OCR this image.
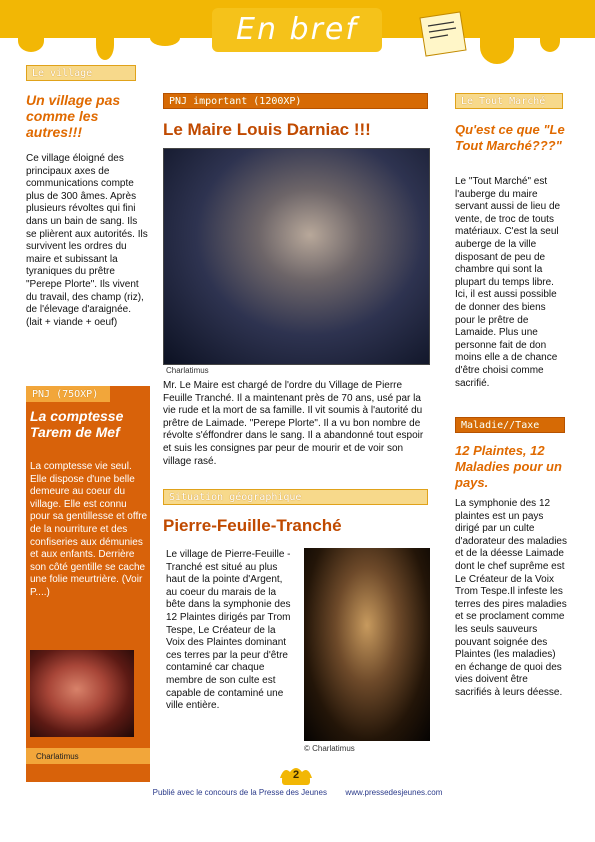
En bref
Le village
Un village pas comme les autres!!!
Ce village éloigné des principaux axes de communications compte plus de 300 âmes. Après plusieurs révoltes qui fini dans un bain de sang. Ils se plièrent aux autorités. Ils survivent les ordres du maire et subissant la tyraniques du prêtre "Perepe Plorte". Ils vivent du travail, des champ (riz), de l'élevage d'araignée. (lait + viande + oeuf)
PNJ (75OXP)
La comptesse Tarem de Mef
La comptesse vie seul. Elle dispose d'une belle demeure au coeur du village. Elle est connu pour sa gentillesse et offre de la nourriture et des confiseries aux démunies et aux enfants. Derrière son côté gentille se cache une folie meurtrière. (Voir P....)
Charlatimus
PNJ important (1200XP)
Le Maire Louis Darniac !!!
Charlatimus
Mr. Le Maire est chargé de l'ordre du Village de Pierre Feuille Tranché. Il a maintenant près de 70 ans, usé par la vie rude et la mort de sa famille. Il vit soumis à l'autorité du prêtre de Laimade. "Perepe Plorte". Il a vu bon nombre de révolte s'éffondrer dans le sang. Il a abandonné tout espoir et suis les consignes par peur de mourir et de voir son village rasé.
Situation géographique
Pierre-Feuille-Tranché
Le village de Pierre-Feuille -Tranché est situé au plus haut de la pointe d'Argent, au coeur du marais de la bête dans la symphonie des 12 Plaintes dirigés par Trom Tespe, Le Créateur de la Voix des Plaintes dominant ces terres par la peur d'être contaminé car chaque membre de son culte est capable de contaminé une ville entière.
© Charlatimus
Le Tout Marché
Qu'est ce que "Le Tout Marché???"
Le "Tout Marché" est l'auberge du maire servant aussi de lieu de vente, de troc de touts matériaux. C'est la seul auberge de la ville disposant de peu de chambre qui sont la plupart du temps libre. Ici, il est aussi possible de donner des biens pour le prêtre de Lamaide. Plus une personne fait de don moins elle a de chance d'être choisi comme sacrifié.
Maladie//Taxe
12 Plaintes, 12 Maladies pour un pays.
La symphonie des 12 plaintes est un pays dirigé par un culte d'adorateur des maladies et de la déesse Laimade dont le chef suprême est Le Créateur de la Voix Trom Tespe.Il infeste les terres des pires maladies et se proclament comme les seuls sauveurs pouvant soignée des Plaintes (les maladies) en échange de quoi des vies doivent être sacrifiés à leurs déesse.
2
Publié avec le concours de la Presse des Jeunes www.pressedesjeunes.com
